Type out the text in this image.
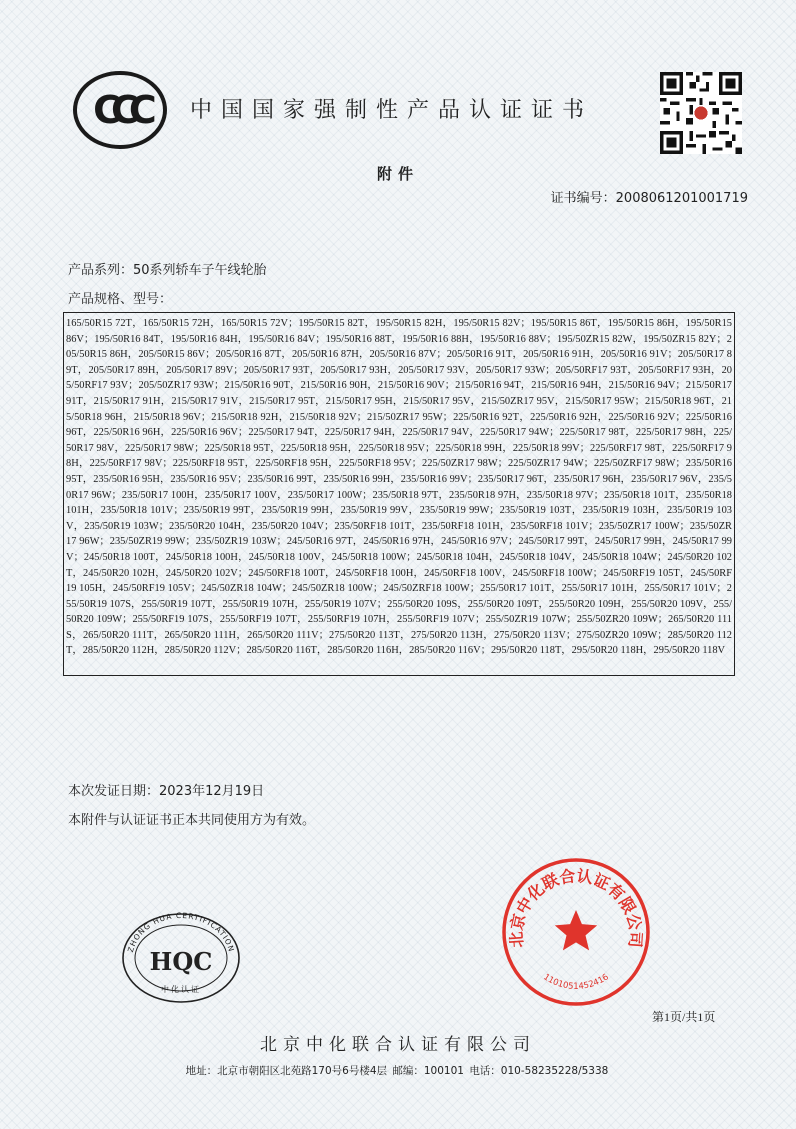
CCC	中国国家强制性产品认证证书
附件
证书编号：2008061201001719
产品系列：50系列轿车子午线轮胎
产品规格、型号：

165/50R15 72T，165/50R15 72H，165/50R15 72V；195/50R15 82T，195/50R15 82H，195/50R15 82V；195/50R15 86T，195/50R15 86H，195/50R15 86V；195/50R16 84T，195/50R16 84H，195/50R16 84V；195/50R16 88T，195/50R16 88H，195/50R16 88V；195/50ZR15 82W，195/50ZR15 82Y；205/50R15 86H，205/50R15 86V；205/50R16 87T，205/50R16 87H，205/50R16 87V；205/50R16 91T，205/50R16 91H，205/50R16 91V；205/50R17 89T，205/50R17 89H，205/50R17 89V；205/50R17 93T，205/50R17 93H，205/50R17 93V，205/50R17 93W；205/50RF17 93T，205/50RF17 93H，205/50RF17 93V；205/50ZR17 93W；215/50R16 90T，215/50R16 90H，215/50R16 90V；215/50R16 94T，215/50R16 94H，215/50R16 94V；215/50R17 91T，215/50R17 91H，215/50R17 91V，215/50R17 95T，215/50R17 95H，215/50R17 95V，215/50ZR17 95V，215/50R17 95W；215/50R18 96T，215/50R18 96H，215/50R18 96V；215/50R18 92H，215/50R18 92V；215/50ZR17 95W；225/50R16 92T，225/50R16 92H，225/50R16 92V；225/50R16 96T，225/50R16 96H，225/50R16 96V；225/50R17 94T，225/50R17 94H，225/50R17 94V，225/50R17 94W；225/50R17 98T，225/50R17 98H，225/50R17 98V，225/50R17 98W；225/50R18 95T，225/50R18 95H，225/50R18 95V；225/50R18 99H，225/50R18 99V；225/50RF17 98T，225/50RF17 98H，225/50RF17 98V；225/50RF18 95T，225/50RF18 95H，225/50RF18 95V；225/50ZR17 98W；225/50ZR17 94W；225/50ZRF17 98W；235/50R16 95T，235/50R16 95H，235/50R16 95V；235/50R16 99T，235/50R16 99H，235/50R16 99V；235/50R17 96T，235/50R17 96H，235/50R17 96V，235/50R17 96W；235/50R17 100H，235/50R17 100V，235/50R17 100W；235/50R18 97T，235/50R18 97H，235/50R18 97V；235/50R18 101T，235/50R18 101H，235/50R18 101V；235/50R19 99T，235/50R19 99H，235/50R19 99V，235/50R19 99W；235/50R19 103T，235/50R19 103H，235/50R19 103V，235/50R19 103W；235/50R20 104H，235/50R20 104V；235/50RF18 101T，235/50RF18 101H，235/50RF18 101V；235/50ZR17 100W；235/50ZR17 96W；235/50ZR19 99W；235/50ZR19 103W；245/50R16 97T，245/50R16 97H，245/50R16 97V；245/50R17 99T，245/50R17 99H，245/50R17 99V；245/50R18 100T，245/50R18 100H，245/50R18 100V，245/50R18 100W；245/50R18 104H，245/50R18 104V，245/50R18 104W；245/50R20 102T，245/50R20 102H，245/50R20 102V；245/50RF18 100T，245/50RF18 100H，245/50RF18 100V，245/50RF18 100W；245/50RF19 105T，245/50RF19 105H，245/50RF19 105V；245/50ZR18 104W；245/50ZR18 100W；245/50ZRF18 100W；255/50R17 101T，255/50R17 101H，255/50R17 101V；255/50R19 107S，255/50R19 107T，255/50R19 107H，255/50R19 107V；255/50R20 109S，255/50R20 109T，255/50R20 109H，255/50R20 109V，255/50R20 109W；255/50RF19 107S，255/50RF19 107T，255/50RF19 107H，255/50RF19 107V；255/50ZR19 107W；255/50ZR20 109W；265/50R20 111S，265/50R20 111T，265/50R20 111H，265/50R20 111V；275/50R20 113T，275/50R20 113H，275/50R20 113V；275/50ZR20 109W；285/50R20 112T，285/50R20 112H，285/50R20 112V；285/50R20 116T，285/50R20 116H，285/50R20 116V；295/50R20 118T，295/50R20 118H，295/50R20 118V

本次发证日期：2023年12月19日
本附件与认证证书正本共同使用方为有效。
ZHONG HUA CERTIFICATION
HQC
中化认证
北京中化联合认证有限公司
1101051452416
第1页/共1页
北京中化联合认证有限公司
地址：北京市朝阳区北苑路170号6号楼4层 邮编：100101 电话：010-58235228/5338
